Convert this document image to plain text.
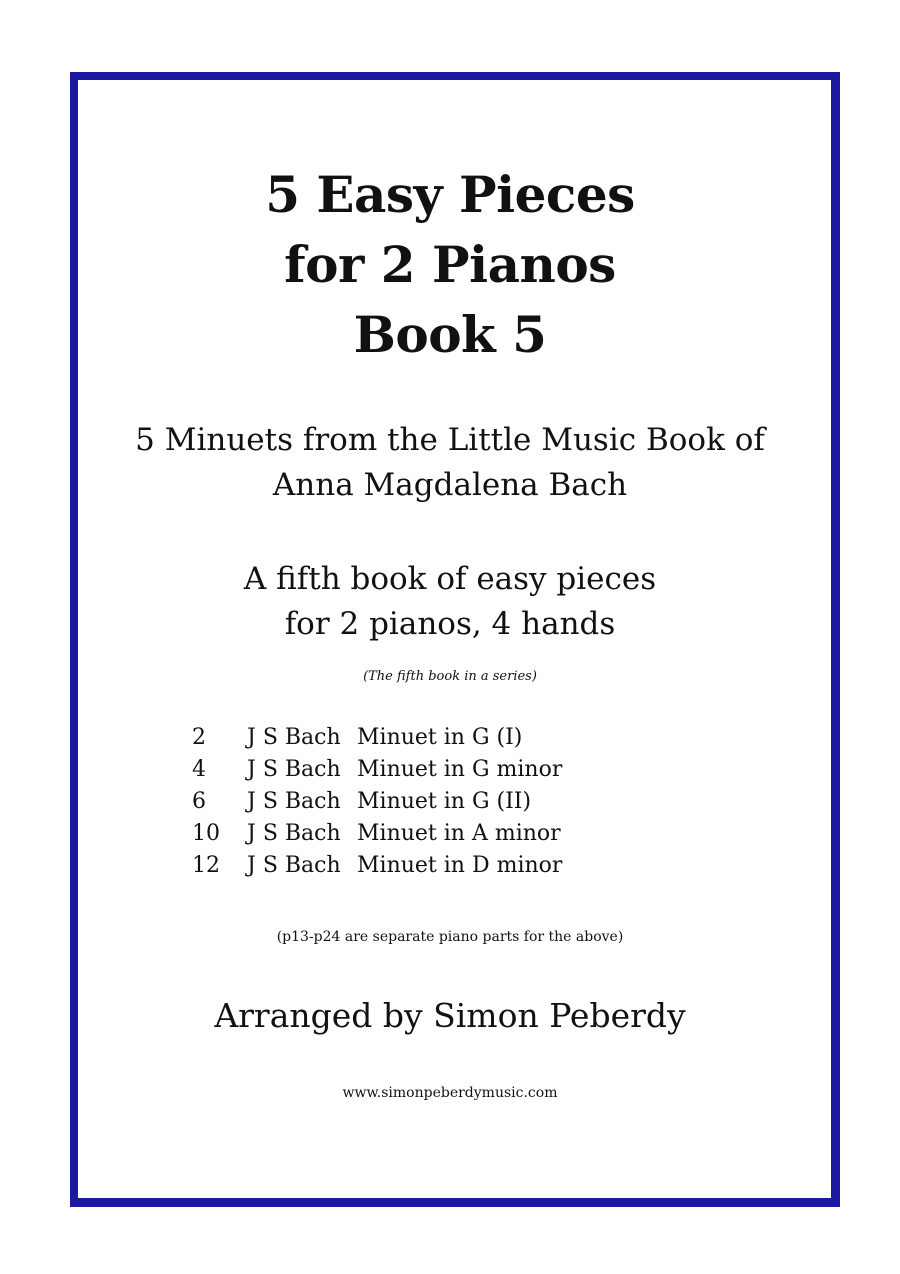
5 Easy Pieces
for 2 Pianos
Book 5

5 Minuets from the Little Music Book of
Anna Magdalena Bach

A fifth book of easy pieces
for 2 pianos, 4 hands

(The fifth book in a series)

2	J S Bach Minuet in G (I)
4	J S Bach Minuet in G minor
6	J S Bach Minuet in G (II)
10	J S Bach Minuet in A minor
12	J S Bach Minuet in D minor

(p13-p24 are separate piano parts for the above)

Arranged by Simon Peberdy

www.simonpeberdymusic.com
